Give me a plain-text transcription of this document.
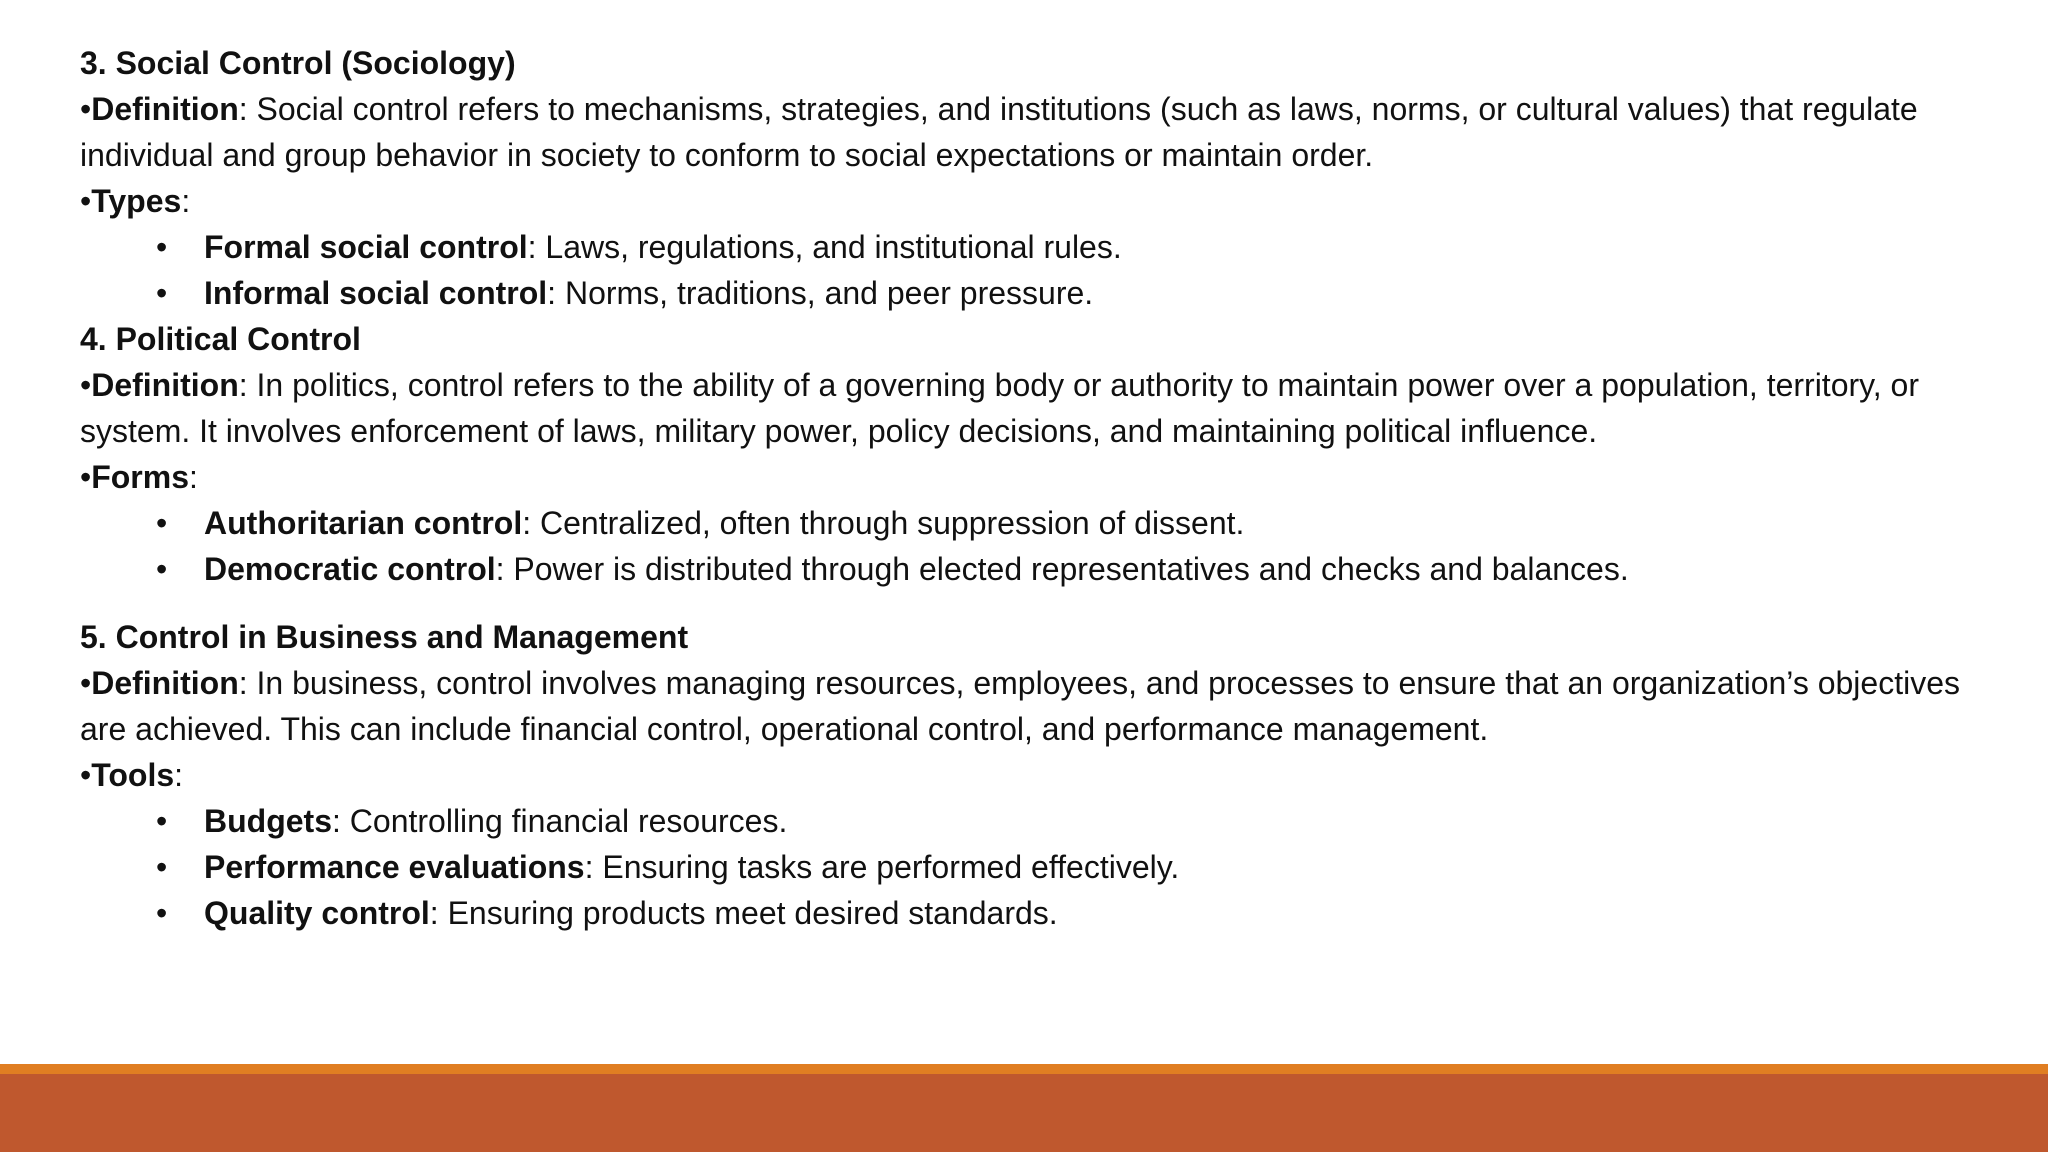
3. Social Control (Sociology)

•Definition: Social control refers to mechanisms, strategies, and institutions (such as laws, norms, or cultural values) that regulate individual and group behavior in society to conform to social expectations or maintain order.

•Types:

• Formal social control: Laws, regulations, and institutional rules.

• Informal social control: Norms, traditions, and peer pressure.

4. Political Control

•Definition: In politics, control refers to the ability of a governing body or authority to maintain power over a population, territory, or system. It involves enforcement of laws, military power, policy decisions, and maintaining political influence.

•Forms:

• Authoritarian control: Centralized, often through suppression of dissent.

• Democratic control: Power is distributed through elected representatives and checks and balances.

5. Control in Business and Management

•Definition: In business, control involves managing resources, employees, and processes to ensure that an organization’s objectives are achieved. This can include financial control, operational control, and performance management.

•Tools:

• Budgets: Controlling financial resources.

• Performance evaluations: Ensuring tasks are performed effectively.

• Quality control: Ensuring products meet desired standards.
